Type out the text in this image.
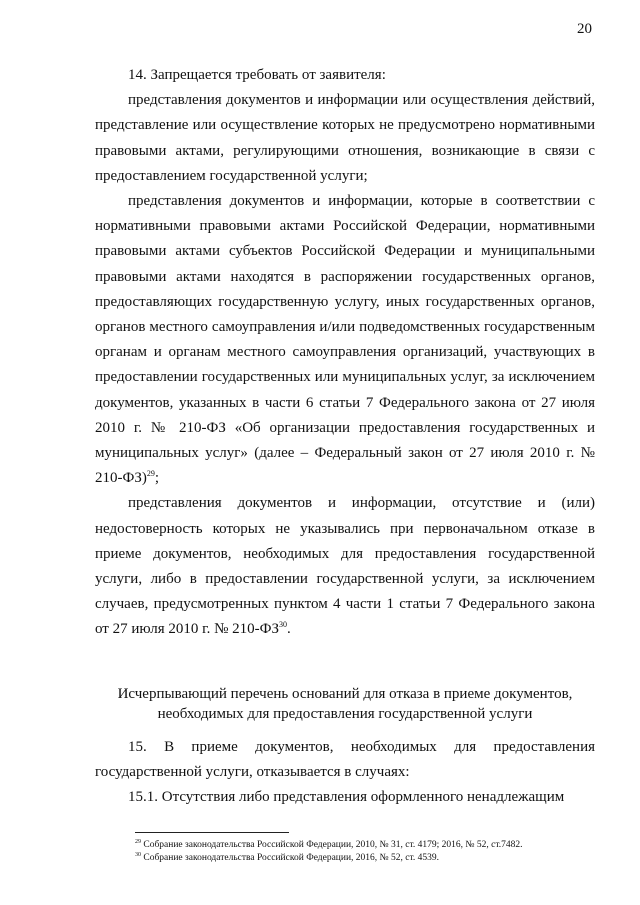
20

14. Запрещается требовать от заявителя:

представления документов и информации или осуществления действий, представление или осуществление которых не предусмотрено нормативными правовыми актами, регулирующими отношения, возникающие в связи с предоставлением государственной услуги;

представления документов и информации, которые в соответствии с нормативными правовыми актами Российской Федерации, нормативными правовыми актами субъектов Российской Федерации и муниципальными правовыми актами находятся в распоряжении государственных органов, предоставляющих государственную услугу, иных государственных органов, органов местного самоуправления и/или подведомственных государственным органам и органам местного самоуправления организаций, участвующих в предоставлении государственных или муниципальных услуг, за исключением документов, указанных в части 6 статьи 7 Федерального закона от 27 июля 2010 г. № 210-ФЗ «Об организации предоставления государственных и муниципальных услуг» (далее – Федеральный закон от 27 июля 2010 г. № 210-ФЗ)$^{29}$;

представления документов и информации, отсутствие и (или) недостоверность которых не указывались при первоначальном отказе в приеме документов, необходимых для предоставления государственной услуги, либо в предоставлении государственной услуги, за исключением случаев, предусмотренных пунктом 4 части 1 статьи 7 Федерального закона от 27 июля 2010 г. № 210-ФЗ$^{30}$.

Исчерпывающий перечень оснований для отказа в приеме документов,
необходимых для предоставления государственной услуги

15. В приеме документов, необходимых для предоставления государственной услуги, отказывается в случаях:

15.1. Отсутствия либо представления оформленного ненадлежащим

$^{29}$ Собрание законодательства Российской Федерации, 2010, № 31, ст. 4179; 2016, № 52, ст.7482.

$^{30}$ Собрание законодательства Российской Федерации, 2016, № 52, ст. 4539.
